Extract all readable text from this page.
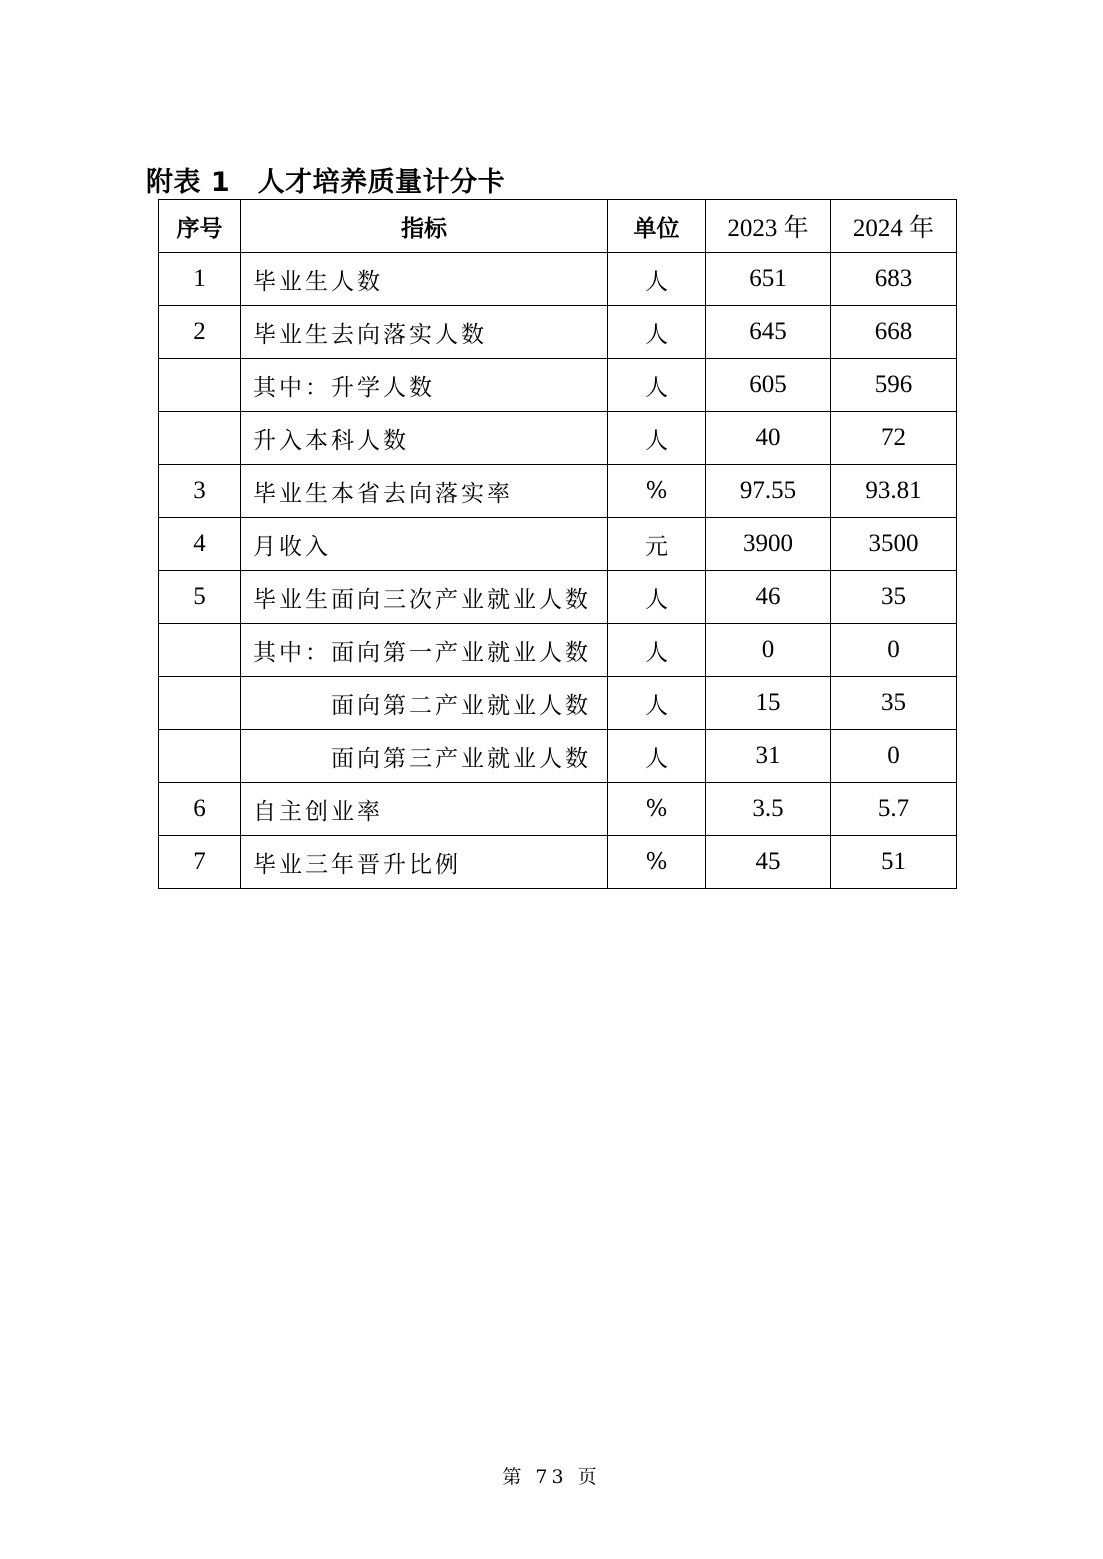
附表 1　人才培养质量计分卡
序号	指标	单位	2023 年	2024 年
1	毕业生人数	人	651	683
2	毕业生去向落实人数	人	645	668
	其中：升学人数	人	605	596
	升入本科人数	人	40	72
3	毕业生本省去向落实率	%	97.55	93.81
4	月收入	元	3900	3500
5	毕业生面向三次产业就业人数	人	46	35
	其中：面向第一产业就业人数	人	0	0
	面向第二产业就业人数	人	15	35
	面向第三产业就业人数	人	31	0
6	自主创业率	%	3.5	5.7
7	毕业三年晋升比例	%	45	51
第 73 页
